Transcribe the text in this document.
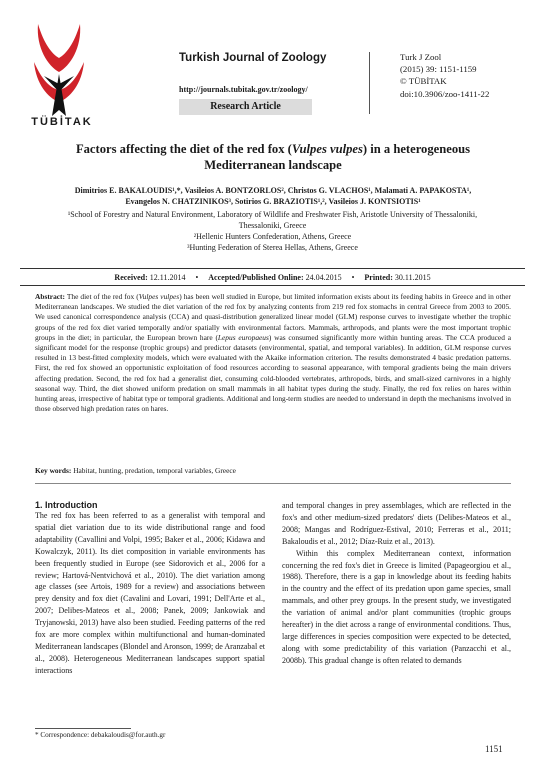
TÜBİTAK
Turkish Journal of Zoology
http://journals.tubitak.gov.tr/zoology/
Research Article
Turk J Zool
(2015) 39: 1151-1159
© TÜBİTAK
doi:10.3906/zoo-1411-22
Factors affecting the diet of the red fox (Vulpes vulpes) in a heterogeneous
Mediterranean landscape
Dimitrios E. BAKALOUDIS¹,*, Vasileios A. BONTZORLOS², Christos G. VLACHOS¹, Malamati A. PAPAKOSTA¹,
Evangelos N. CHATZINIKOS³, Sotirios G. BRAZIOTIS¹,², Vasileios J. KONTSIOTIS¹
¹School of Forestry and Natural Environment, Laboratory of Wildlife and Freshwater Fish, Aristotle University of Thessaloniki,
Thessaloniki, Greece
²Hellenic Hunters Confederation, Athens, Greece
³Hunting Federation of Sterea Hellas, Athens, Greece
Received: 12.11.2014 • Accepted/Published Online: 24.04.2015 • Printed: 30.11.2015
Abstract: The diet of the red fox (Vulpes vulpes) has been well studied in Europe, but limited information exists about its feeding habits in Greece and in other Mediterranean landscapes. We studied the diet variation of the red fox by analyzing contents from 219 red fox stomachs in central Greece from 2003 to 2005. We used canonical correspondence analysis (CCA) and quasi-distribution generalized linear model (GLM) response curves to investigate whether the trophic groups of the red fox diet varied temporally and/or spatially with environmental factors. Mammals, arthropods, and plants were the most important trophic groups in the diet; in particular, the European brown hare (Lepus europaeus) was consumed significantly more within hunting areas. The CCA produced a significant model for the response (trophic groups) and predictor datasets (environmental, spatial, and temporal variables). In addition, GLM response curves resulted in 13 best-fitted complexity models, which were evaluated with the Akaike information criterion. The results demonstrated 4 basic predation patterns. First, the red fox showed an opportunistic exploitation of food resources according to seasonal appearance, with temporal gradients being the main drivers affecting predation. Second, the red fox had a generalist diet, consuming cold-blooded vertebrates, arthropods, birds, and small-sized carnivores in a highly seasonal way. Third, the diet showed uniform predation on small mammals in all habitat types during the study. Finally, the red fox relies on hares within hunting areas, irrespective of habitat type or temporal gradients. Additional and long-term studies are needed to understand in depth the mechanisms involved in those observed high predation rates on hares.
Key words: Habitat, hunting, predation, temporal variables, Greece
1. Introduction

The red fox has been referred to as a generalist with temporal and spatial diet variation due to its wide distributional range and food adaptability (Cavallini and Volpi, 1995; Baker et al., 2006; Kidawa and Kowalczyk, 2011). Its diet composition in variable environments has been frequently studied in Europe (see Sidorovich et al., 2006 for a review; Hartová-Nentvichová et al., 2010). The diet variation among age classes (see Artois, 1989 for a review) and associations between prey density and fox diet (Cavalini and Lovari, 1991; Dell'Arte et al., 2007; Delibes-Mateos et al., 2008; Panek, 2009; Jankowiak and Tryjanowski, 2013) have also been studied. Feeding patterns of the red fox are more complex within multifunctional and human-dominated Mediterranean landscapes (Blondel and Aronson, 1999; de Aranzabal et al., 2008). Heterogeneous Mediterranean landscapes support spatial interactions

and temporal changes in prey assemblages, which are reflected in the fox's and other medium-sized predators' diets (Delibes-Mateos et al., 2008; Mangas and Rodríguez-Estival, 2010; Ferreras et al., 2011; Bakaloudis et al., 2012; Díaz-Ruiz et al., 2013).

Within this complex Mediterranean context, information concerning the red fox's diet in Greece is limited (Papageorgiou et al., 1988). Therefore, there is a gap in knowledge about its feeding habits in the country and the effect of its predation upon game species, small mammals, and other prey groups. In the present study, we investigated the variation of animal and/or plant communities (trophic groups hereafter) in the diet across a range of environmental conditions. Thus, large differences in species composition were expected to be detected, along with some predictability of this variation (Panzacchi et al., 2008b). This gradual change is often related to demands

* Correspondence: debakaloudis@for.auth.gr
1151
